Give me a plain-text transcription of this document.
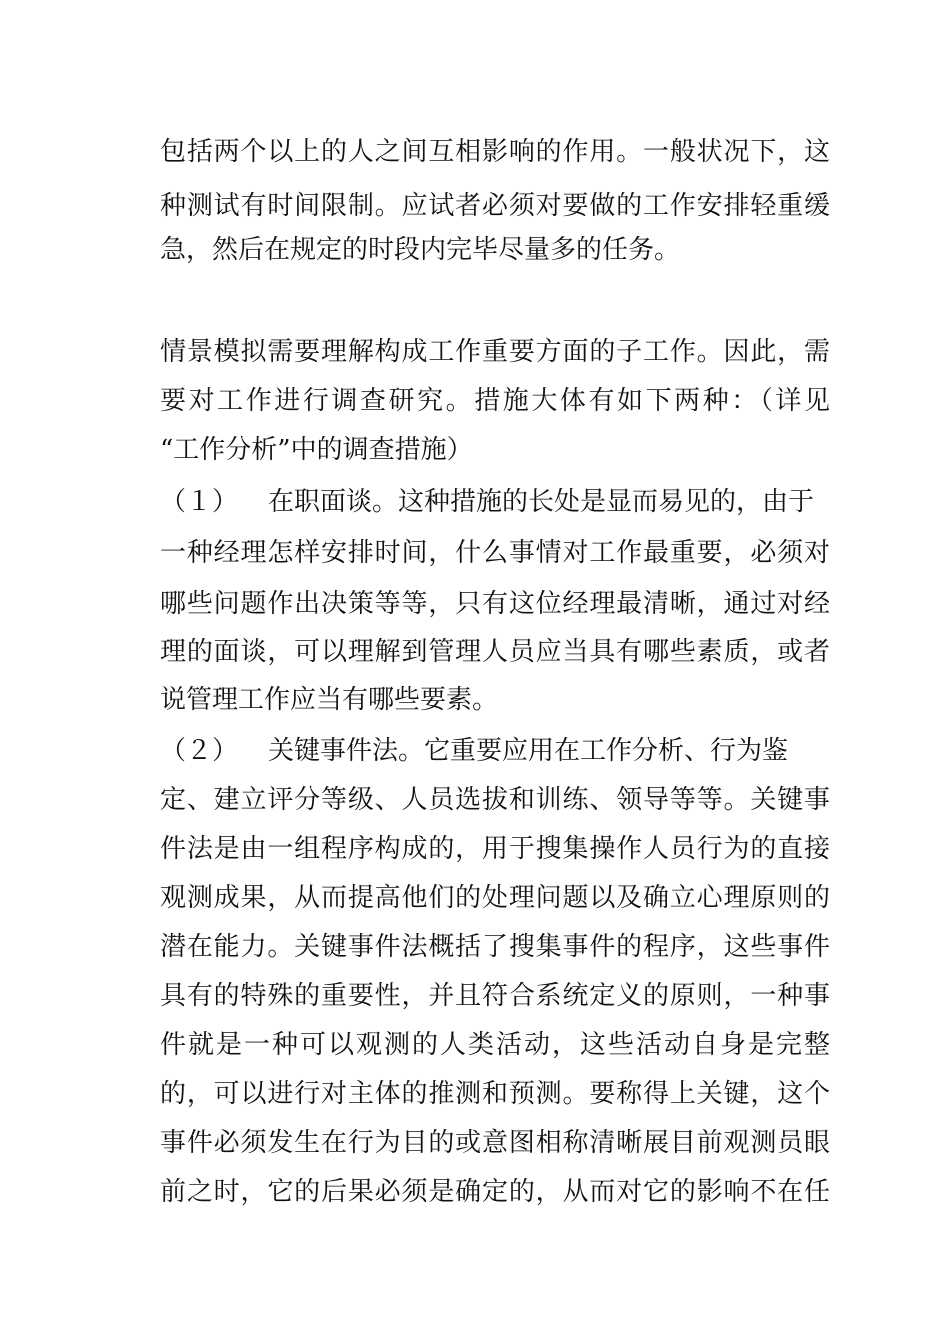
包括两个以上的人之间互相影响的作用。一般状况下，这
种测试有时间限制。应试者必须对要做的工作安排轻重缓
急，然后在规定的时段内完毕尽量多的任务。
情景模拟需要理解构成工作重要方面的子工作。因此，需
要对工作进行调查研究。措施大体有如下两种：（详见
“工作分析”中的调查措施）
（１） 在职面谈。这种措施的长处是显而易见的，由于
一种经理怎样安排时间，什么事情对工作最重要，必须对
哪些问题作出决策等等，只有这位经理最清晰，通过对经
理的面谈，可以理解到管理人员应当具有哪些素质，或者
说管理工作应当有哪些要素。
（２） 关键事件法。它重要应用在工作分析、行为鉴
定、建立评分等级、人员选拔和训练、领导等等。关键事
件法是由一组程序构成的，用于搜集操作人员行为的直接
观测成果，从而提高他们的处理问题以及确立心理原则的
潜在能力。关键事件法概括了搜集事件的程序，这些事件
具有的特殊的重要性，并且符合系统定义的原则，一种事
件就是一种可以观测的人类活动，这些活动自身是完整
的，可以进行对主体的推测和预测。要称得上关键，这个
事件必须发生在行为目的或意图相称清晰展目前观测员眼
前之时，它的后果必须是确定的，从而对它的影响不在任
